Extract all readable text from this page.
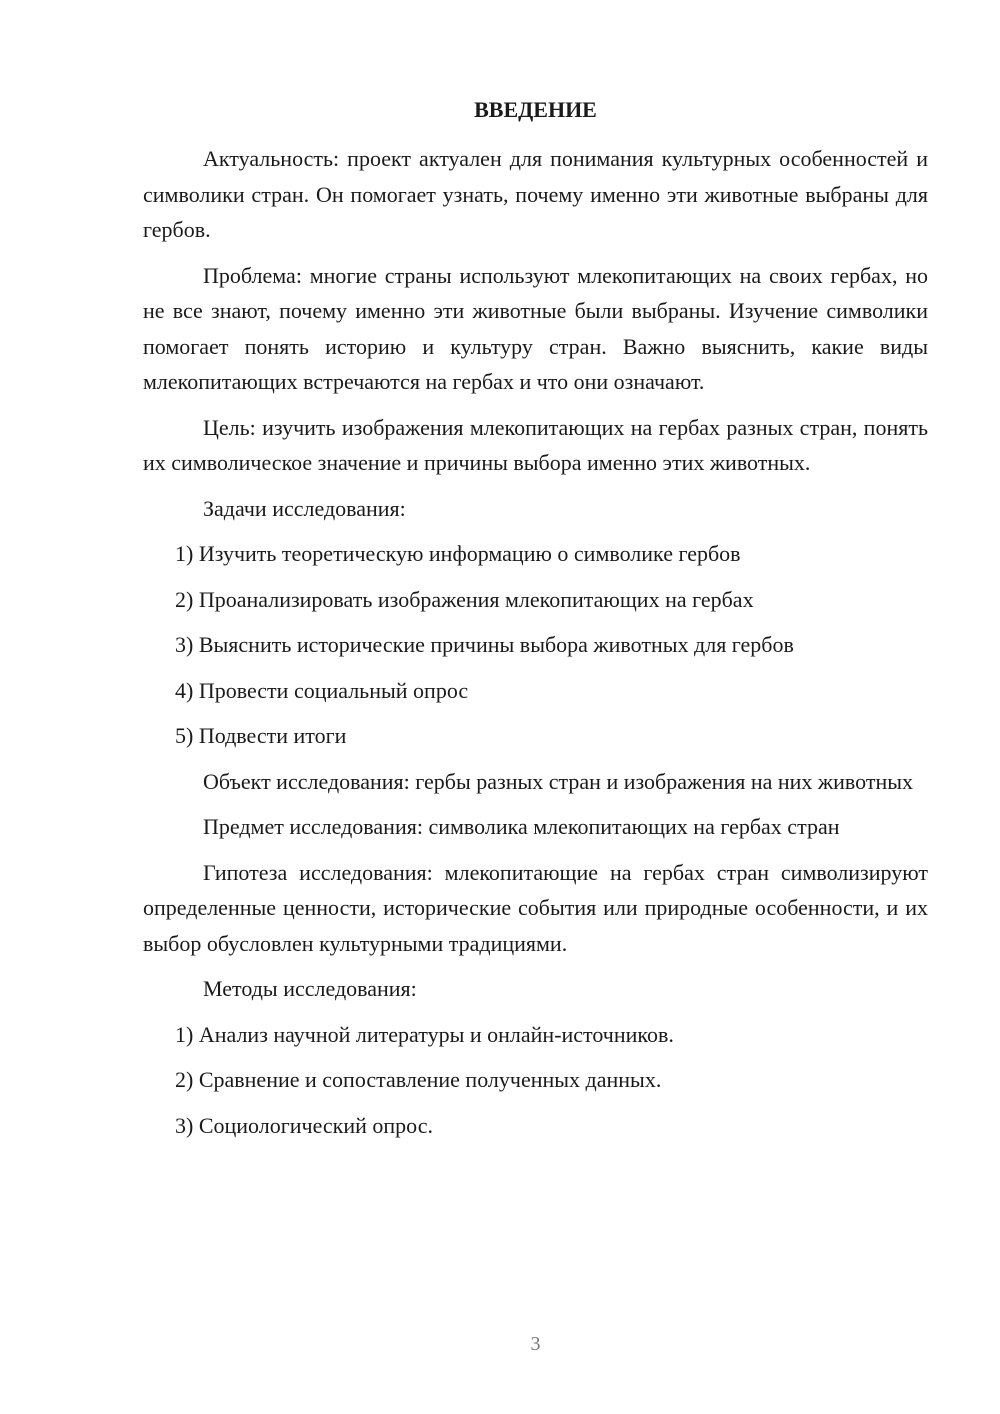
ВВЕДЕНИЕ

Актуальность: проект актуален для понимания культурных особенностей и символики стран. Он помогает узнать, почему именно эти животные выбраны для гербов.

Проблема: многие страны используют млекопитающих на своих гербах, но не все знают, почему именно эти животные были выбраны. Изучение символики помогает понять историю и культуру стран. Важно выяснить, какие виды млекопитающих встречаются на гербах и что они означают.

Цель: изучить изображения млекопитающих на гербах разных стран, понять их символическое значение и причины выбора именно этих животных.

Задачи исследования:

1) Изучить теоретическую информацию о символике гербов
2) Проанализировать изображения млекопитающих на гербах
3) Выяснить исторические причины выбора животных для гербов
4) Провести социальный опрос
5) Подвести итоги

Объект исследования: гербы разных стран и изображения на них животных

Предмет исследования: символика млекопитающих на гербах стран

Гипотеза исследования: млекопитающие на гербах стран символизируют определенные ценности, исторические события или природные особенности, и их выбор обусловлен культурными традициями.

Методы исследования:

1) Анализ научной литературы и онлайн-источников.
2) Сравнение и сопоставление полученных данных.
3) Социологический опрос.
3
